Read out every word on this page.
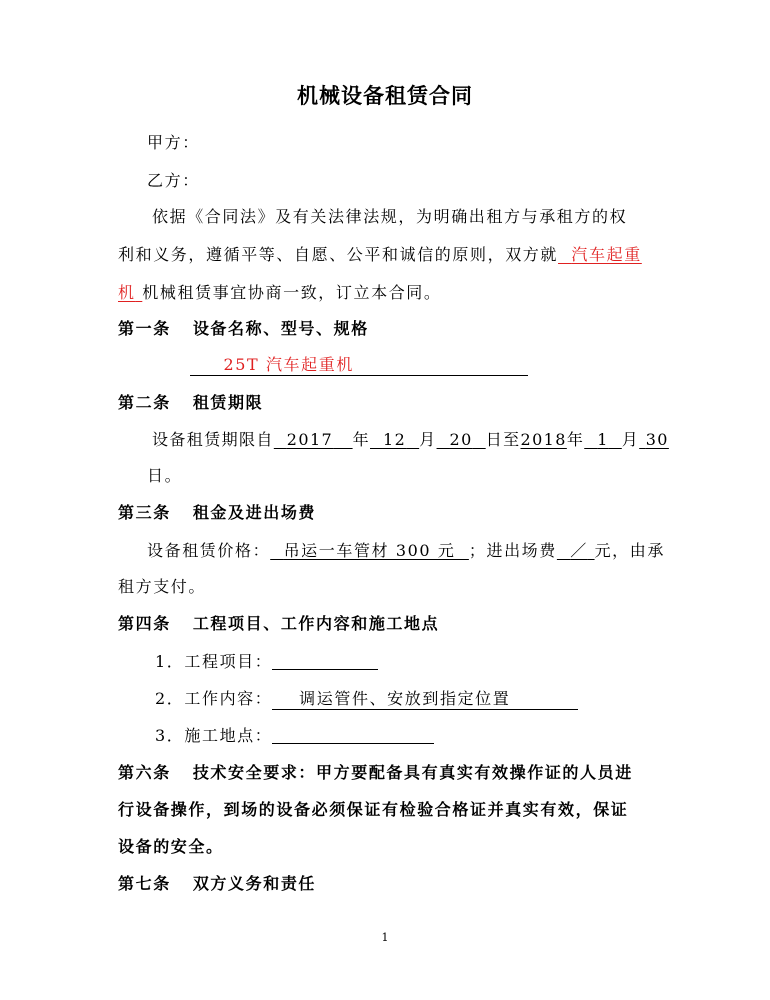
机械设备租赁合同
甲方：
乙方：
依据《合同法》及有关法律法规，为明确出租方与承租方的权
利和义务，遵循平等、自愿、公平和诚信的原则，双方就 汽车起重
机 机械租赁事宜协商一致，订立本合同。
第一条 设备名称、型号、规格
25T 汽车起重机
第二条 租赁期限
设备租赁期限自 2017 年 12 月 20 日至2018年 1 月 30
日。
第三条 租金及进出场费
设备租赁价格： 吊运一车管材 300 元 ；进出场费 ／ 元，由承
租方支付。
第四条 工程项目、工作内容和施工地点
1．工程项目：
2．工作内容： 调运管件、安放到指定位置
3．施工地点：
第六条 技术安全要求：甲方要配备具有真实有效操作证的人员进
行设备操作，到场的设备必须保证有检验合格证并真实有效，保证
设备的安全。
第七条 双方义务和责任
1
